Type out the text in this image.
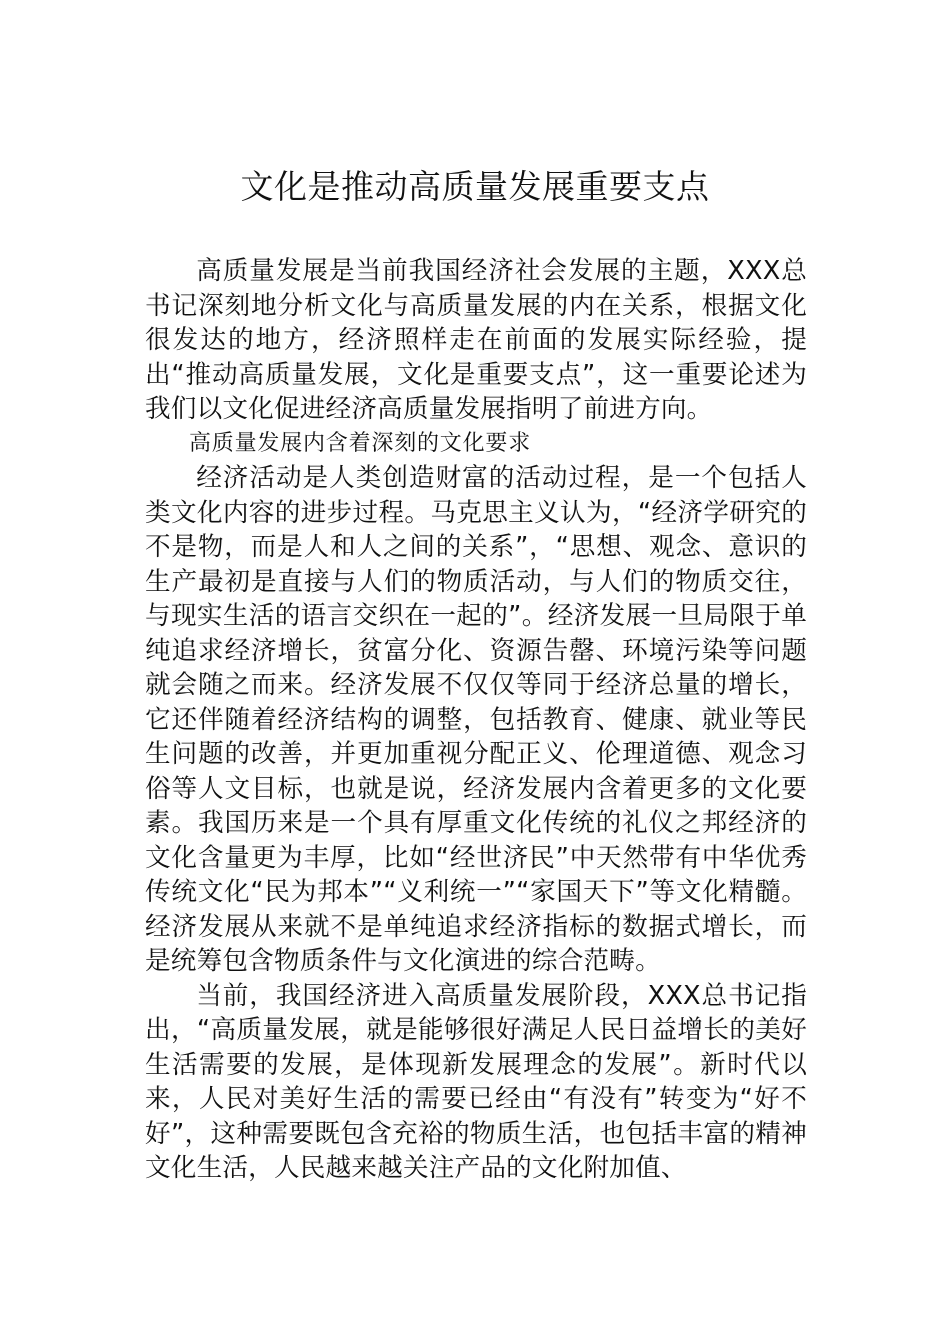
文化是推动高质量发展重要支点

高质量发展是当前我国经济社会发展的主题，XXX总书记深刻地分析文化与高质量发展的内在关系，根据文化很发达的地方，经济照样走在前面的发展实际经验，提出“推动高质量发展，文化是重要支点”，这一重要论述为我们以文化促进经济高质量发展指明了前进方向。

高质量发展内含着深刻的文化要求

经济活动是人类创造财富的活动过程，是一个包括人类文化内容的进步过程。马克思主义认为，“经济学研究的不是物，而是人和人之间的关系”，“思想、观念、意识的生产最初是直接与人们的物质活动，与人们的物质交往，与现实生活的语言交织在一起的”。经济发展一旦局限于单纯追求经济增长，贫富分化、资源告罄、环境污染等问题就会随之而来。经济发展不仅仅等同于经济总量的增长，它还伴随着经济结构的调整，包括教育、健康、就业等民生问题的改善，并更加重视分配正义、伦理道德、观念习俗等人文目标，也就是说，经济发展内含着更多的文化要素。我国历来是一个具有厚重文化传统的礼仪之邦经济的文化含量更为丰厚，比如“经世济民”中天然带有中华优秀传统文化“民为邦本”“义利统一”“家国天下”等文化精髓。经济发展从来就不是单纯追求经济指标的数据式增长，而是统筹包含物质条件与文化演进的综合范畴。

当前，我国经济进入高质量发展阶段，XXX总书记指出，“高质量发展，就是能够很好满足人民日益增长的美好生活需要的发展，是体现新发展理念的发展”。新时代以来，人民对美好生活的需要已经由“有没有”转变为“好不好”，这种需要既包含充裕的物质生活，也包括丰富的精神文化生活，人民越来越关注产品的文化附加值、
